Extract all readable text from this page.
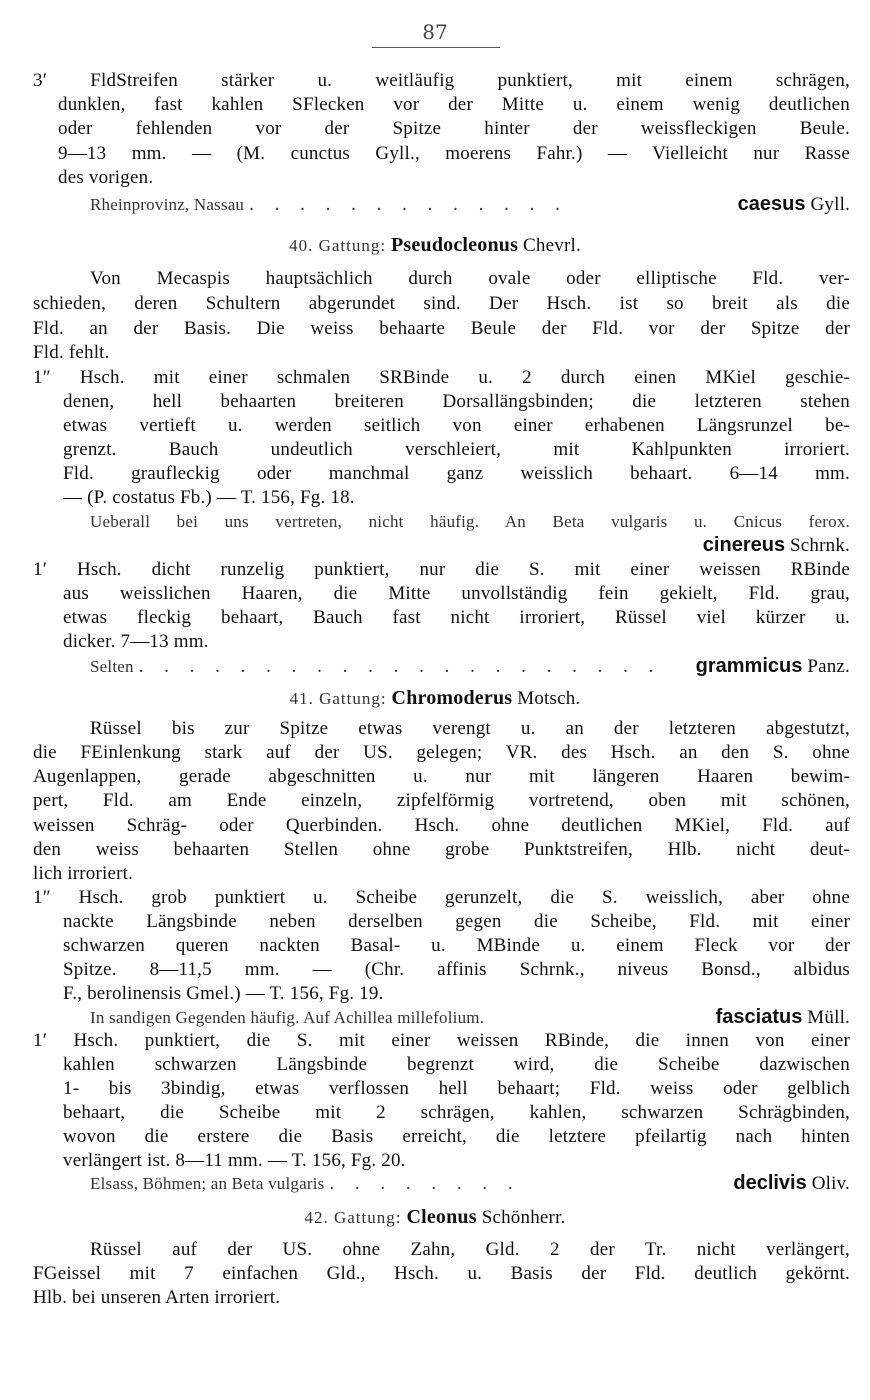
87
3′ FldStreifen stärker u. weitläufig punktiert, mit einem schrägen,
dunklen, fast kahlen SFlecken vor der Mitte u. einem wenig deutlichen
oder fehlenden vor der Spitze hinter der weissfleckigen Beule.
9—13 mm. — (M. cunctus Gyll., moerens Fahr.) — Vielleicht nur Rasse
des vorigen.
Rheinprovinz, Nassau . . . . . . . . . . . . .	caesus Gyll.
40. Gattung: Pseudocleonus Chevrl.
Von Mecaspis hauptsächlich durch ovale oder elliptische Fld. ver-
schieden, deren Schultern abgerundet sind. Der Hsch. ist so breit als die
Fld. an der Basis. Die weiss behaarte Beule der Fld. vor der Spitze der
Fld. fehlt.
1″ Hsch. mit einer schmalen SRBinde u. 2 durch einen MKiel geschie-
denen, hell behaarten breiteren Dorsallängsbinden; die letzteren stehen
etwas vertieft u. werden seitlich von einer erhabenen Längsrunzel be-
grenzt. Bauch undeutlich verschleiert, mit Kahlpunkten irroriert.
Fld. graufleckig oder manchmal ganz weisslich behaart. 6—14 mm.
— (P. costatus Fb.) — T. 156, Fg. 18.
Ueberall bei uns vertreten, nicht häufig. An Beta vulgaris u. Cnicus ferox.
cinereus Schrnk.
1′ Hsch. dicht runzelig punktiert, nur die S. mit einer weissen RBinde
aus weisslichen Haaren, die Mitte unvollständig fein gekielt, Fld. grau,
etwas fleckig behaart, Bauch fast nicht irroriert, Rüssel viel kürzer u.
dicker. 7—13 mm.
Selten . . . . . . . . . . . . . . . . . . . . . grammicus Panz.
41. Gattung: Chromoderus Motsch.
Rüssel bis zur Spitze etwas verengt u. an der letzteren abgestutzt,
die FEinlenkung stark auf der US. gelegen; VR. des Hsch. an den S. ohne
Augenlappen, gerade abgeschnitten u. nur mit längeren Haaren bewim-
pert, Fld. am Ende einzeln, zipfelförmig vortretend, oben mit schönen,
weissen Schräg- oder Querbinden. Hsch. ohne deutlichen MKiel, Fld. auf
den weiss behaarten Stellen ohne grobe Punktstreifen, Hlb. nicht deut-
lich irroriert.
1″ Hsch. grob punktiert u. Scheibe gerunzelt, die S. weisslich, aber ohne
nackte Längsbinde neben derselben gegen die Scheibe, Fld. mit einer
schwarzen queren nackten Basal- u. MBinde u. einem Fleck vor der
Spitze. 8—11,5 mm. — (Chr. affinis Schrnk., niveus Bonsd., albidus
F., berolinensis Gmel.) — T. 156, Fg. 19.
In sandigen Gegenden häufig. Auf Achillea millefolium.	fasciatus Müll.
1′ Hsch. punktiert, die S. mit einer weissen RBinde, die innen von einer
kahlen schwarzen Längsbinde begrenzt wird, die Scheibe dazwischen
1- bis 3bindig, etwas verflossen hell behaart; Fld. weiss oder gelblich
behaart, die Scheibe mit 2 schrägen, kahlen, schwarzen Schrägbinden,
wovon die erstere die Basis erreicht, die letztere pfeilartig nach hinten
verlängert ist. 8—11 mm. — T. 156, Fg. 20.
Elsass, Böhmen; an Beta vulgaris . . . . . . . .	declivis Oliv.
42. Gattung: Cleonus Schönherr.
Rüssel auf der US. ohne Zahn, Gld. 2 der Tr. nicht verlängert,
FGeissel mit 7 einfachen Gld., Hsch. u. Basis der Fld. deutlich gekörnt.
Hlb. bei unseren Arten irroriert.
